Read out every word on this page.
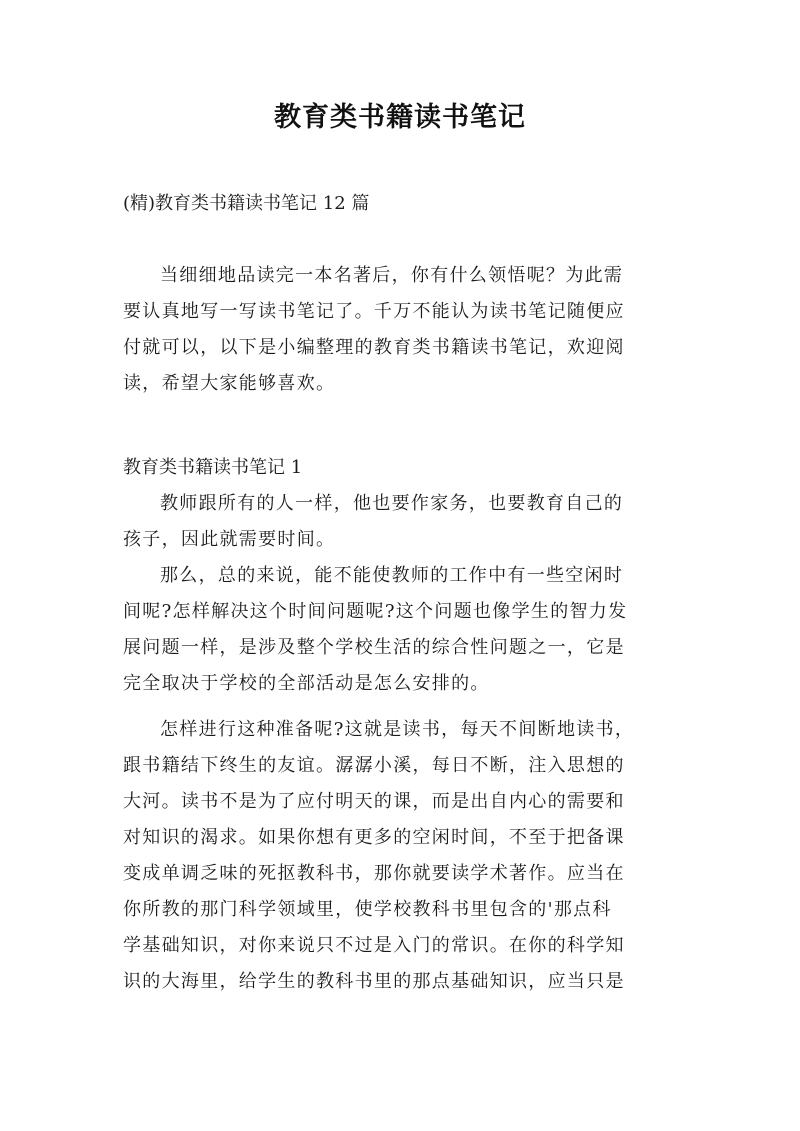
教育类书籍读书笔记
(精)教育类书籍读书笔记 12 篇
当细细地品读完一本名著后，你有什么领悟呢？为此需
要认真地写一写读书笔记了。千万不能认为读书笔记随便应
付就可以，以下是小编整理的教育类书籍读书笔记，欢迎阅
读，希望大家能够喜欢。
教育类书籍读书笔记 1
教师跟所有的人一样，他也要作家务，也要教育自己的
孩子，因此就需要时间。
那么，总的来说，能不能使教师的工作中有一些空闲时
间呢?怎样解决这个时间问题呢?这个问题也像学生的智力发
展问题一样，是涉及整个学校生活的综合性问题之一，它是
完全取决于学校的全部活动是怎么安排的。
怎样进行这种准备呢?这就是读书，每天不间断地读书，
跟书籍结下终生的友谊。潺潺小溪，每日不断，注入思想的
大河。读书不是为了应付明天的课，而是出自内心的需要和
对知识的渴求。如果你想有更多的空闲时间，不至于把备课
变成单调乏味的死抠教科书，那你就要读学术著作。应当在
你所教的那门科学领域里，使学校教科书里包含的'那点科
学基础知识，对你来说只不过是入门的常识。在你的科学知
识的大海里，给学生的教科书里的那点基础知识，应当只是
